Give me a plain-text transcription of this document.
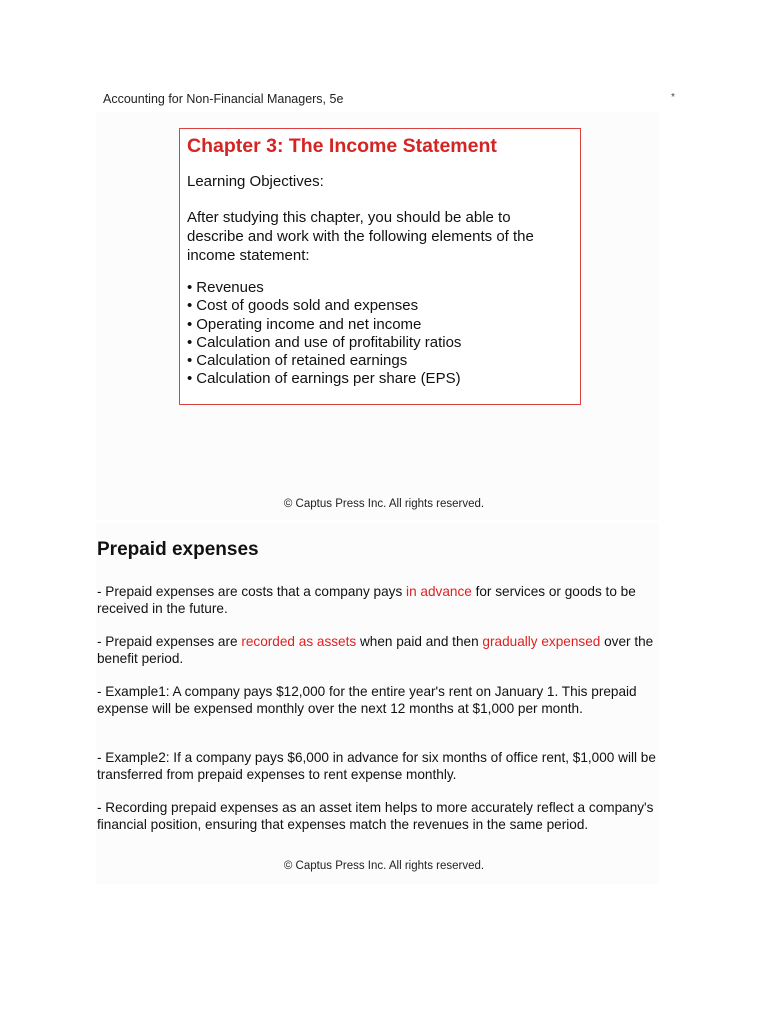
Accounting for Non-Financial Managers, 5e	*
Chapter 3: The Income Statement
Learning Objectives:
After studying this chapter, you should be able to describe and work with the following elements of the income statement:
• Revenues
• Cost of goods sold and expenses
• Operating income and net income
• Calculation and use of profitability ratios
• Calculation of retained earnings
• Calculation of earnings per share (EPS)
© Captus Press Inc. All rights reserved.
Prepaid expenses
- Prepaid expenses are costs that a company pays in advance for services or goods to be received in the future.
- Prepaid expenses are recorded as assets when paid and then gradually expensed over the benefit period.
- Example1: A company pays $12,000 for the entire year's rent on January 1. This prepaid expense will be expensed monthly over the next 12 months at $1,000 per month.
- Example2: If a company pays $6,000 in advance for six months of office rent, $1,000 will be transferred from prepaid expenses to rent expense monthly.
- Recording prepaid expenses as an asset item helps to more accurately reflect a company's financial position, ensuring that expenses match the revenues in the same period.
© Captus Press Inc. All rights reserved.
